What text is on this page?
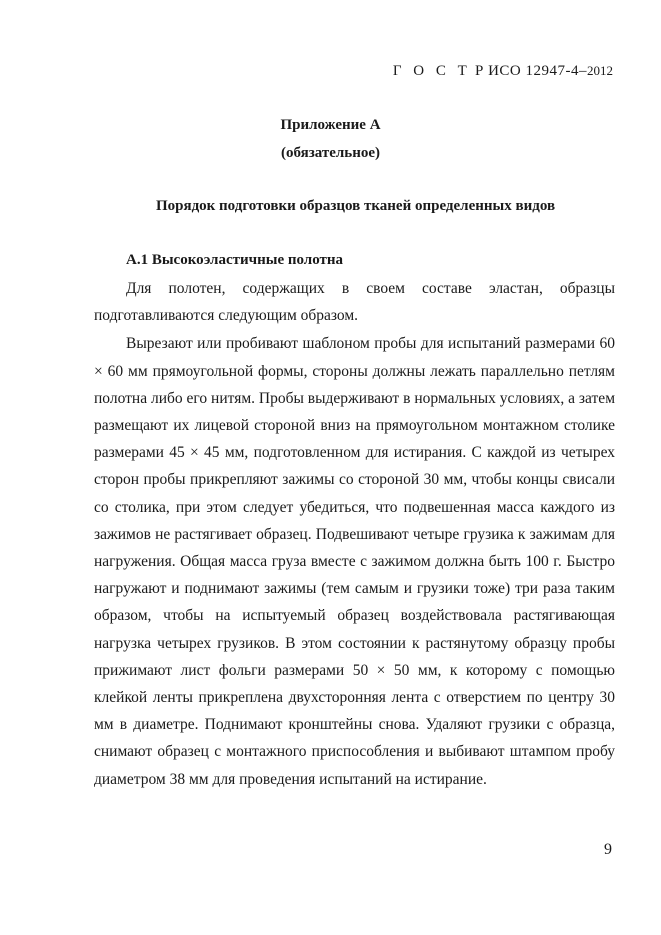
Г О С Т Р ИСО 12947-4–2012
Приложение А
(обязательное)
Порядок подготовки образцов тканей определенных видов
А.1 Высокоэластичные полотна

Для полотен, содержащих в своем составе эластан, образцы подготавливаются следующим образом.

Вырезают или пробивают шаблоном пробы для испытаний размерами 60 × 60 мм прямоугольной формы, стороны должны лежать параллельно петлям полотна либо его нитям. Пробы выдерживают в нормальных условиях, а затем размещают их лицевой стороной вниз на прямоугольном монтажном столике размерами 45 × 45 мм, подготовленном для истирания. С каждой из четырех сторон пробы прикрепляют зажимы со стороной 30 мм, чтобы концы свисали со столика, при этом следует убедиться, что подвешенная масса каждого из зажимов не растягивает образец. Подвешивают четыре грузика к зажимам для нагружения. Общая масса груза вместе с зажимом должна быть 100 г. Быстро нагружают и поднимают зажимы (тем самым и грузики тоже) три раза таким образом, чтобы на испытуемый образец воздействовала растягивающая нагрузка четырех грузиков. В этом состоянии к растянутому образцу пробы прижимают лист фольги размерами 50 × 50 мм, к которому с помощью клейкой ленты прикреплена двухсторонняя лента с отверстием по центру 30 мм в диаметре. Поднимают кронштейны снова. Удаляют грузики с образца, снимают образец с монтажного приспособления и выбивают штампом пробу диаметром 38 мм для проведения испытаний на истирание.

9
